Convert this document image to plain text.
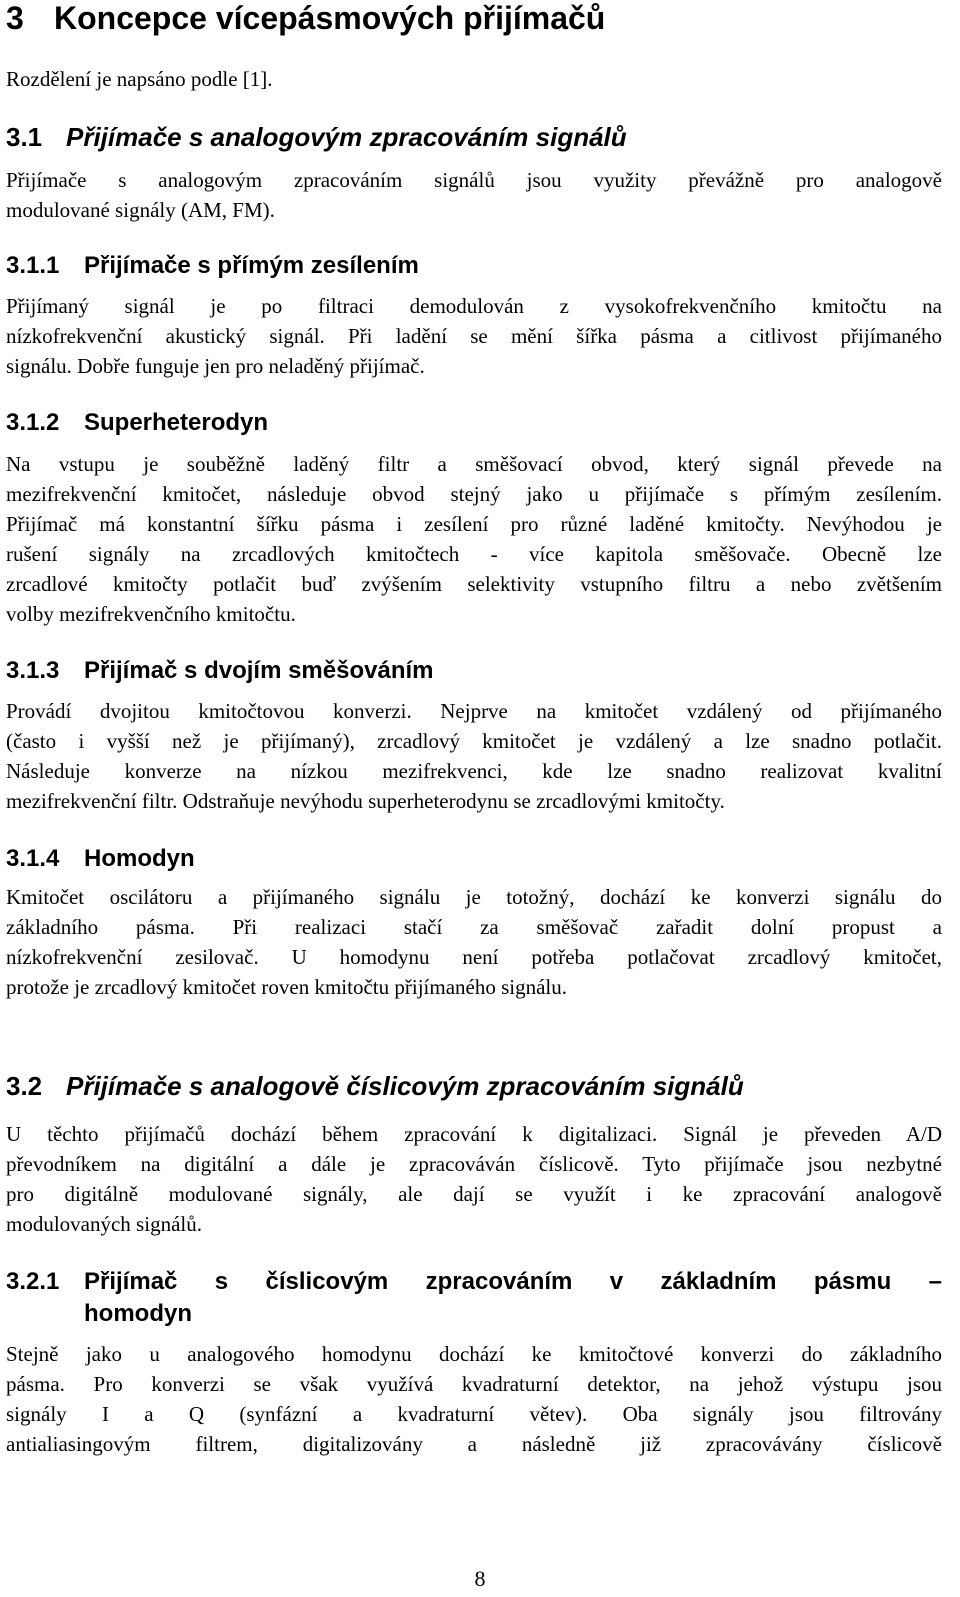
3 Koncepce vícepásmových přijímačů
Rozdělení je napsáno podle [1].
3.1 Přijímače s analogovým zpracováním signálů
Přijímače s analogovým zpracováním signálů jsou využity převážně pro analogově
modulované signály (AM, FM).
3.1.1 Přijímače s přímým zesílením
Přijímaný signál je po filtraci demodulován z vysokofrekvenčního kmitočtu na
nízkofrekvenční akustický signál. Při ladění se mění šířka pásma a citlivost přijímaného
signálu. Dobře funguje jen pro neladěný přijímač.
3.1.2 Superheterodyn
Na vstupu je souběžně laděný filtr a směšovací obvod, který signál převede na
mezifrekvenční kmitočet, následuje obvod stejný jako u přijímače s přímým zesílením.
Přijímač má konstantní šířku pásma i zesílení pro různé laděné kmitočty. Nevýhodou je
rušení signály na zrcadlových kmitočtech - více kapitola směšovače. Obecně lze
zrcadlové kmitočty potlačit buď zvýšením selektivity vstupního filtru a nebo zvětšením
volby mezifrekvenčního kmitočtu.
3.1.3 Přijímač s dvojím směšováním
Provádí dvojitou kmitočtovou konverzi. Nejprve na kmitočet vzdálený od přijímaného
(často i vyšší než je přijímaný), zrcadlový kmitočet je vzdálený a lze snadno potlačit.
Následuje konverze na nízkou mezifrekvenci, kde lze snadno realizovat kvalitní
mezifrekvenční filtr. Odstraňuje nevýhodu superheterodynu se zrcadlovými kmitočty.
3.1.4 Homodyn
Kmitočet oscilátoru a přijímaného signálu je totožný, dochází ke konverzi signálu do
základního pásma. Při realizaci stačí za směšovač zařadit dolní propust a
nízkofrekvenční zesilovač. U homodynu není potřeba potlačovat zrcadlový kmitočet,
protože je zrcadlový kmitočet roven kmitočtu přijímaného signálu.
3.2 Přijímače s analogově číslicovým zpracováním signálů
U těchto přijímačů dochází během zpracování k digitalizaci. Signál je převeden A/D
převodníkem na digitální a dále je zpracováván číslicově. Tyto přijímače jsou nezbytné
pro digitálně modulované signály, ale dají se využít i ke zpracování analogově
modulovaných signálů.
3.2.1 Přijímač s číslicovým zpracováním v základním pásmu –
homodyn
Stejně jako u analogového homodynu dochází ke kmitočtové konverzi do základního
pásma. Pro konverzi se však využívá kvadraturní detektor, na jehož výstupu jsou
signály I a Q (synfázní a kvadraturní větev). Oba signály jsou filtrovány
antialiasingovým filtrem, digitalizovány a následně již zpracovávány číslicově
8
